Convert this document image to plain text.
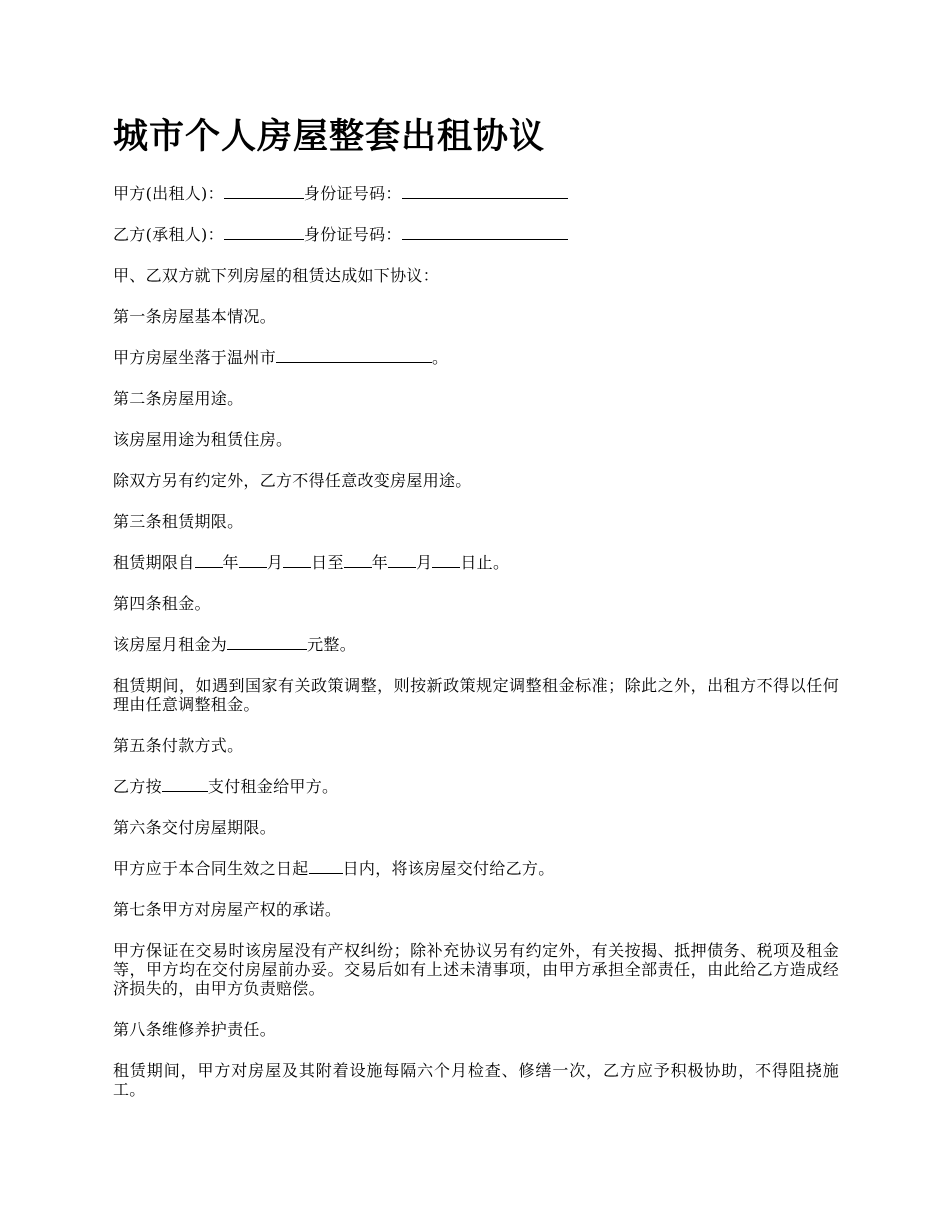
城市个人房屋整套出租协议

甲方(出租人)：	身份证号码：

乙方(承租人)：	身份证号码：

甲、乙双方就下列房屋的租赁达成如下协议：

第一条房屋基本情况。

甲方房屋坐落于温州市	。

第二条房屋用途。

该房屋用途为租赁住房。

除双方另有约定外，乙方不得任意改变房屋用途。

第三条租赁期限。

租赁期限自 年 月 日至 年 月 日止。

第四条租金。

该房屋月租金为	元整。

租赁期间，如遇到国家有关政策调整，则按新政策规定调整租金标准；除此之外，出租方不得以任何理由任意调整租金。

第五条付款方式。

乙方按	支付租金给甲方。

第六条交付房屋期限。

甲方应于本合同生效之日起 日内，将该房屋交付给乙方。

第七条甲方对房屋产权的承诺。

甲方保证在交易时该房屋没有产权纠纷；除补充协议另有约定外，有关按揭、抵押债务、税项及租金等，甲方均在交付房屋前办妥。交易后如有上述未清事项，由甲方承担全部责任，由此给乙方造成经济损失的，由甲方负责赔偿。

第八条维修养护责任。

租赁期间，甲方对房屋及其附着设施每隔六个月检查、修缮一次，乙方应予积极协助，不得阻挠施工。
